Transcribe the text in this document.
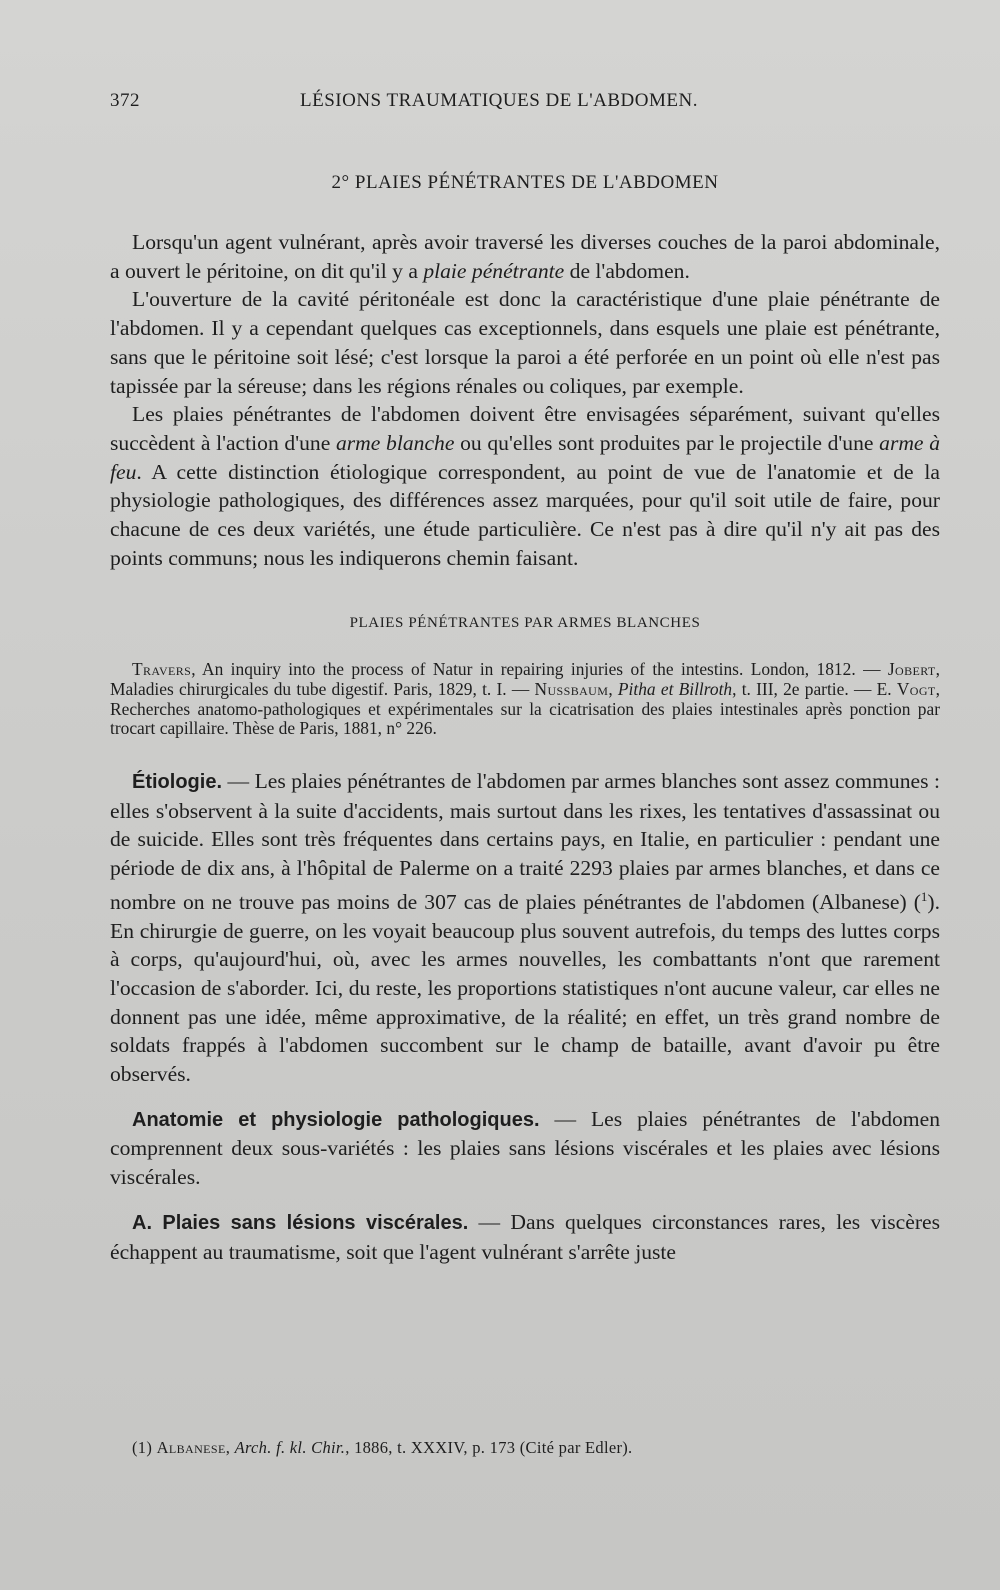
372	LÉSIONS TRAUMATIQUES DE L'ABDOMEN.
2° PLAIES PÉNÉTRANTES DE L'ABDOMEN

Lorsqu'un agent vulnérant, après avoir traversé les diverses couches de la paroi abdominale, a ouvert le péritoine, on dit qu'il y a plaie pénétrante de l'abdomen.

L'ouverture de la cavité péritonéale est donc la caractéristique d'une plaie pénétrante de l'abdomen. Il y a cependant quelques cas exceptionnels, dans esquels une plaie est pénétrante, sans que le péritoine soit lésé; c'est lorsque la paroi a été perforée en un point où elle n'est pas tapissée par la séreuse; dans les régions rénales ou coliques, par exemple.

Les plaies pénétrantes de l'abdomen doivent être envisagées séparément, suivant qu'elles succèdent à l'action d'une arme blanche ou qu'elles sont produites par le projectile d'une arme à feu. A cette distinction étiologique correspondent, au point de vue de l'anatomie et de la physiologie pathologiques, des différences assez marquées, pour qu'il soit utile de faire, pour chacune de ces deux variétés, une étude particulière. Ce n'est pas à dire qu'il n'y ait pas des points communs; nous les indiquerons chemin faisant.

PLAIES PÉNÉTRANTES PAR ARMES BLANCHES

Travers, An inquiry into the process of Natur in repairing injuries of the intestins. London, 1812. — Jobert, Maladies chirurgicales du tube digestif. Paris, 1829, t. I. — Nussbaum, Pitha et Billroth, t. III, 2e partie. — E. Vogt, Recherches anatomo-pathologiques et expérimentales sur la cicatrisation des plaies intestinales après ponction par trocart capillaire. Thèse de Paris, 1881, n° 226.

Étiologie. — Les plaies pénétrantes de l'abdomen par armes blanches sont assez communes : elles s'observent à la suite d'accidents, mais surtout dans les rixes, les tentatives d'assassinat ou de suicide. Elles sont très fréquentes dans certains pays, en Italie, en particulier : pendant une période de dix ans, à l'hôpital de Palerme on a traité 2293 plaies par armes blanches, et dans ce nombre on ne trouve pas moins de 307 cas de plaies pénétrantes de l'abdomen (Albanese) ($^1$). En chirurgie de guerre, on les voyait beaucoup plus souvent autrefois, du temps des luttes corps à corps, qu'aujourd'hui, où, avec les armes nouvelles, les combattants n'ont que rarement l'occasion de s'aborder. Ici, du reste, les proportions statistiques n'ont aucune valeur, car elles ne donnent pas une idée, même approximative, de la réalité; en effet, un très grand nombre de soldats frappés à l'abdomen succombent sur le champ de bataille, avant d'avoir pu être observés.

Anatomie et physiologie pathologiques. — Les plaies pénétrantes de l'abdomen comprennent deux sous-variétés : les plaies sans lésions viscérales et les plaies avec lésions viscérales.

A. Plaies sans lésions viscérales. — Dans quelques circonstances rares, les viscères échappent au traumatisme, soit que l'agent vulnérant s'arrête juste

(1) Albanese, Arch. f. kl. Chir., 1886, t. XXXIV, p. 173 (Cité par Edler).
